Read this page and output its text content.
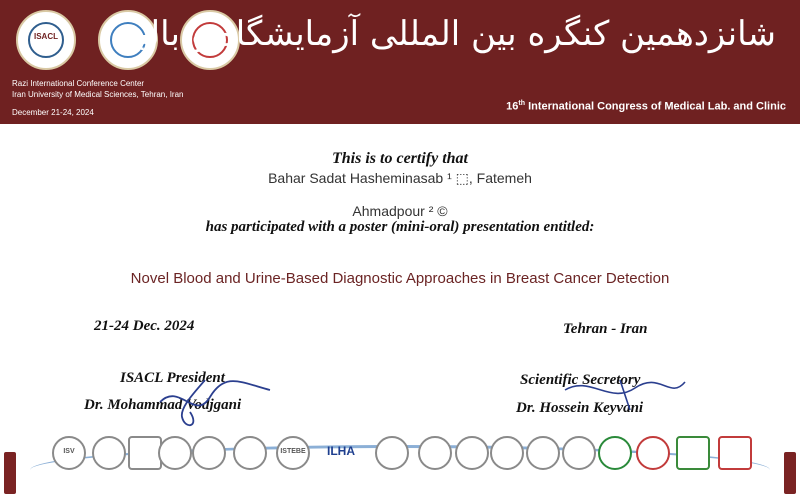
ISACL
Razi International Conference Center
Iran University of Medical Sciences, Tehran, Iran
December 21-24, 2024
شانزدهمین کنگره بین المللی آزمایشگاه و بالین
16th International Congress of Medical Lab. and Clinic
This is to certify that
Bahar Sadat Hasheminasab ¹ ⬚, Fatemeh
Ahmadpour ² ©
has participated with a poster (mini-oral) presentation entitled:
Novel Blood and Urine-Based Diagnostic Approaches in Breast Cancer Detection
21-24 Dec. 2024	Tehran - Iran
ISACL President
Dr. Mohammad Vodjgani
Scientific Secretory
Dr. Hossein Keyvani
ISV	ISTEBE	ILHA
